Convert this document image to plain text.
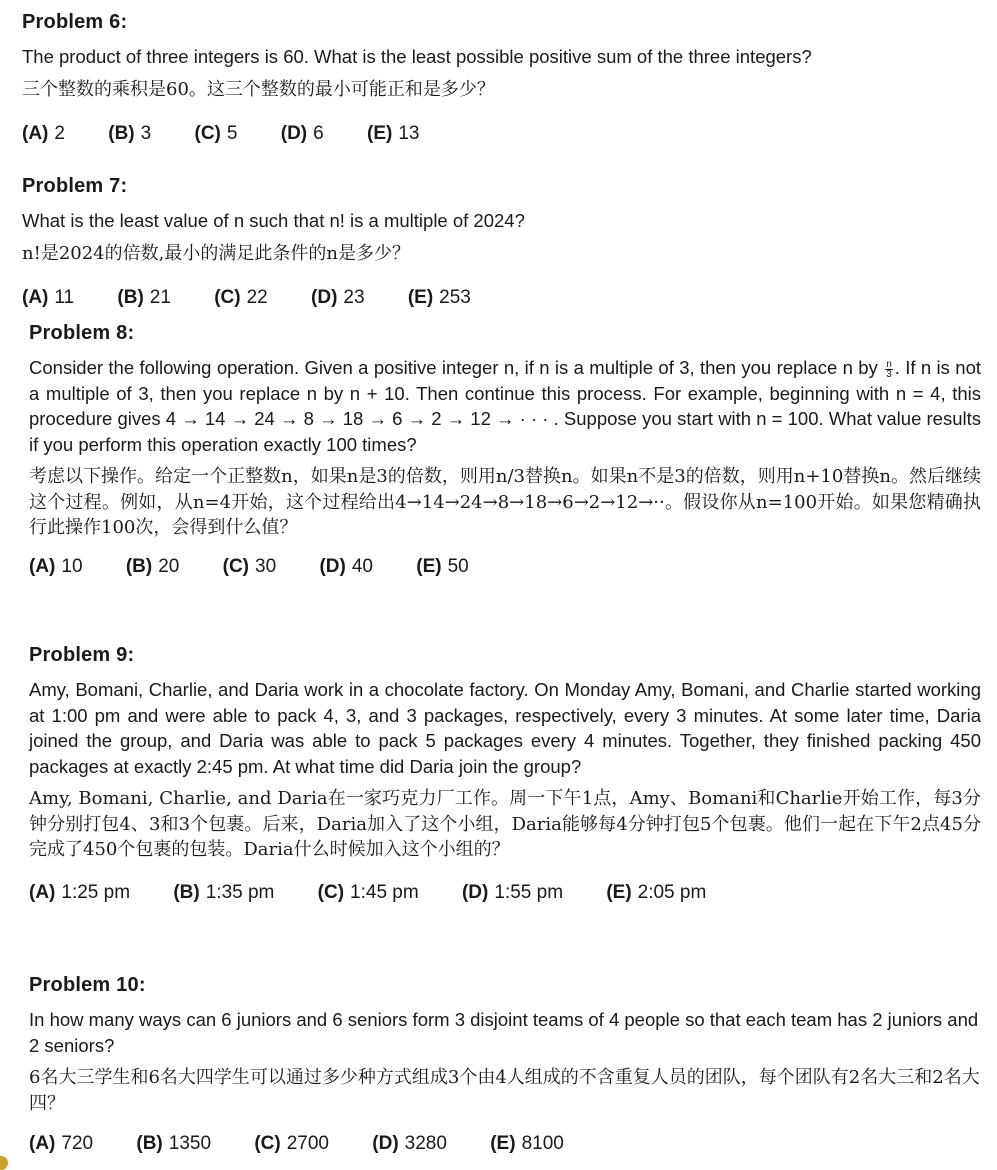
Problem 6:
The product of three integers is 60. What is the least possible positive sum of the three integers?
三个整数的乘积是60。这三个整数的最小可能正和是多少？
(A) 2 (B) 3 (C) 5 (D) 6 (E) 13
Problem 7:
What is the least value of n such that n! is a multiple of 2024?
n!是2024的倍数,最小的满足此条件的n是多少？
(A) 11 (B) 21 (C) 22 (D) 23 (E) 253
Problem 8:
Consider the following operation. Given a positive integer n, if n is a multiple of 3, then you replace n by $\frac{n}{3}$ . If n is not a multiple of 3, then you replace n by n + 10. Then continue this process. For example, beginning with n = 4, this procedure gives 4 → 14 → 24 → 8 → 18 → 6 → 2 → 12 → · · · . Suppose you start with n = 100. What value results if you perform this operation exactly 100 times?
考虑以下操作。给定一个正整数n，如果n是3的倍数，则用n/3替换n。如果n不是3的倍数，则用n+10替换n。然后继续这个过程。例如，从n=4开始，这个过程给出4→14→24→8→18→6→2→12→··。假设你从n=100开始。如果您精确执行此操作100次，会得到什么值？
(A) 10 (B) 20 (C) 30 (D) 40 (E) 50
Problem 9:
Amy, Bomani, Charlie, and Daria work in a chocolate factory. On Monday Amy, Bomani, and Charlie started working at 1:00 pm and were able to pack 4, 3, and 3 packages, respectively, every 3 minutes. At some later time, Daria joined the group, and Daria was able to pack 5 packages every 4 minutes. Together, they finished packing 450 packages at exactly 2:45 pm. At what time did Daria join the group?
Amy, Bomani, Charlie, and Daria在一家巧克力厂工作。周一下午1点，Amy、Bomani和Charlie开始工作，每3分钟分别打包4、3和3个包裹。后来，Daria加入了这个小组，Daria能够每4分钟打包5个包裹。他们一起在下午2点45分完成了450个包裹的包装。Daria什么时候加入这个小组的？
(A) 1:25 pm (B) 1:35 pm (C) 1:45 pm (D) 1:55 pm (E) 2:05 pm
Problem 10:
In how many ways can 6 juniors and 6 seniors form 3 disjoint teams of 4 people so that each team has 2 juniors and 2 seniors?
6名大三学生和6名大四学生可以通过多少种方式组成3个由4人组成的不含重复人员的团队，每个团队有2名大三和2名大四？
(A) 720 (B) 1350 (C) 2700 (D) 3280 (E) 8100
